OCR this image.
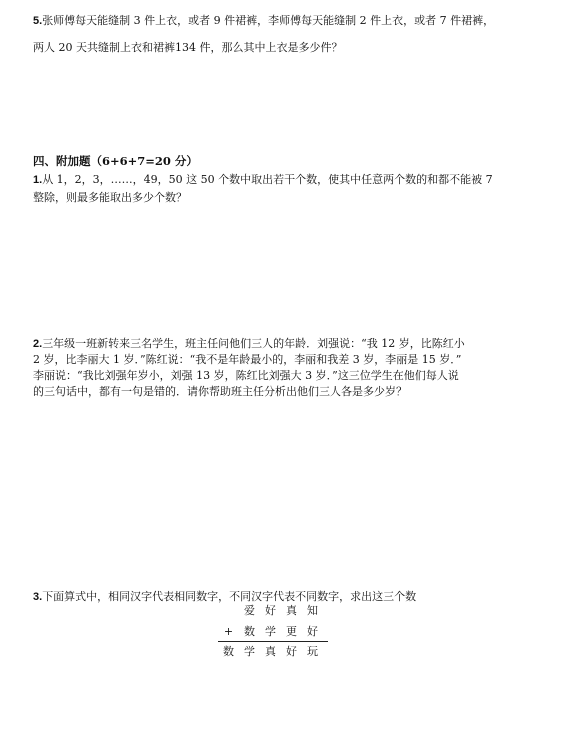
5.张师傅每天能缝制 3 件上衣，或者 9 件裙裤，李师傅每天能缝制 2 件上衣，或者 7 件裙裤，
两人 20 天共缝制上衣和裙裤134 件，那么其中上衣是多少件？
四、附加题（6+6+7=20 分）
1.从 1，2，3，……，49，50 这 50 个数中取出若干个数，使其中任意两个数的和都不能被 7
整除，则最多能取出多少个数？
2.三年级一班新转来三名学生，班主任问他们三人的年龄．刘强说：“我 12 岁，比陈红小
2 岁，比李丽大 1 岁．”陈红说：“我不是年龄最小的，李丽和我差 3 岁，李丽是 15 岁．”
李丽说：“我比刘强年岁小，刘强 13 岁，陈红比刘强大 3 岁．”这三位学生在他们每人说
的三句话中，都有一句是错的．请你帮助班主任分析出他们三人各是多少岁？
3.下面算式中，相同汉字代表相同数字，不同汉字代表不同数字，求出这三个数
爱 好 真 知
+ 数 学 更 好
数 学 真 好 玩
